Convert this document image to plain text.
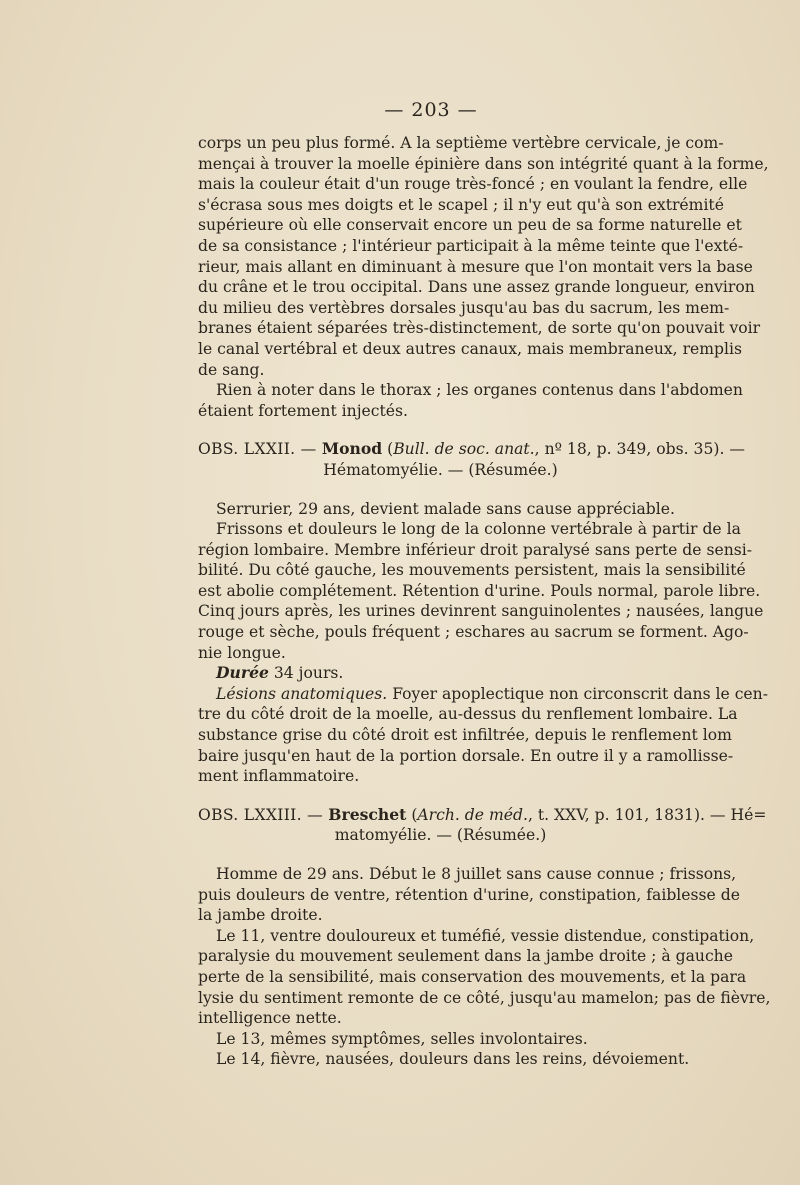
— 203 —
corps un peu plus formé. A la septième vertèbre cervicale, je com-
mençai à trouver la moelle épinière dans son intégrité quant à la forme,
mais la couleur était d'un rouge très-foncé ; en voulant la fendre, elle
s'écrasa sous mes doigts et le scapel ; il n'y eut qu'à son extrémité
supérieure où elle conservait encore un peu de sa forme naturelle et
de sa consistance ; l'intérieur participait à la même teinte que l'exté-
rieur, mais allant en diminuant à mesure que l'on montait vers la base
du crâne et le trou occipital. Dans une assez grande longueur, environ
du milieu des vertèbres dorsales jusqu'au bas du sacrum, les mem-
branes étaient séparées très-distinctement, de sorte qu'on pouvait voir
le canal vertébral et deux autres canaux, mais membraneux, remplis
de sang.
Rien à noter dans le thorax ; les organes contenus dans l'abdomen
étaient fortement injectés.
OBS. LXXII. — Monod (Bull. de soc. anat., nº 18, p. 349, obs. 35). —
Hématomyélie. — (Résumée.)
Serrurier, 29 ans, devient malade sans cause appréciable.
Frissons et douleurs le long de la colonne vertébrale à partir de la
région lombaire. Membre inférieur droit paralysé sans perte de sensi-
bilité. Du côté gauche, les mouvements persistent, mais la sensibilité
est abolie complétement. Rétention d'urine. Pouls normal, parole libre.
Cinq jours après, les urines devinrent sanguinolentes ; nausées, langue
rouge et sèche, pouls fréquent ; eschares au sacrum se forment. Ago-
nie longue.
Durée 34 jours.
Lésions anatomiques. Foyer apoplectique non circonscrit dans le cen-
tre du côté droit de la moelle, au-dessus du renflement lombaire. La
substance grise du côté droit est infiltrée, depuis le renflement lom
baire jusqu'en haut de la portion dorsale. En outre il y a ramollisse-
ment inflammatoire.
OBS. LXXIII. — Breschet (Arch. de méd., t. XXV, p. 101, 1831). — Hé=
matomyélie. — (Résumée.)
Homme de 29 ans. Début le 8 juillet sans cause connue ; frissons,
puis douleurs de ventre, rétention d'urine, constipation, faiblesse de
la jambe droite.
Le 11, ventre douloureux et tuméfié, vessie distendue, constipation,
paralysie du mouvement seulement dans la jambe droite ; à gauche
perte de la sensibilité, mais conservation des mouvements, et la para
lysie du sentiment remonte de ce côté, jusqu'au mamelon; pas de fièvre,
intelligence nette.
Le 13, mêmes symptômes, selles involontaires.
Le 14, fièvre, nausées, douleurs dans les reins, dévoiement.
